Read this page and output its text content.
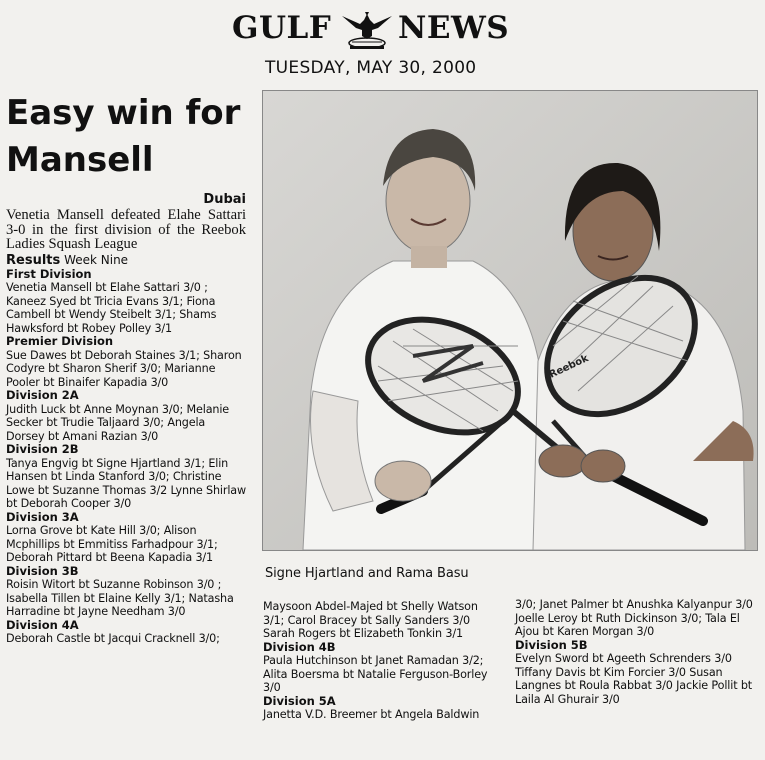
GULF NEWS
TUESDAY, MAY 30, 2000
Easy win for Mansell
Dubai
Venetia Mansell defeated Elahe Sattari 3-0 in the first division of the Reebok Ladies Squash League
Results Week Nine
First Division
Venetia Mansell bt Elahe Sattari 3/0 ; Kaneez Syed bt Tricia Evans 3/1; Fiona Cambell bt Wendy Steibelt 3/1; Shams Hawksford bt Robey Polley 3/1
Premier Division
Sue Dawes bt Deborah Staines 3/1; Sharon Codyre bt Sharon Sherif 3/0; Marianne Pooler bt Binaifer Kapadia 3/0
Division 2A
Judith Luck bt Anne Moynan 3/0; Melanie Secker bt Trudie Taljaard 3/0; Angela Dorsey bt Amani Razian 3/0
Division 2B
Tanya Engvig bt Signe Hjartland 3/1; Elin Hansen bt Linda Stanford 3/0; Christine Lowe bt Suzanne Thomas 3/2 Lynne Shirlaw bt Deborah Cooper 3/0
Division 3A
Lorna Grove bt Kate Hill 3/0; Alison Mcphillips bt Emmitiss Farhadpour 3/1; Deborah Pittard bt Beena Kapadia 3/1
Division 3B
Roisin Witort bt Suzanne Robinson 3/0 ; Isabella Tillen bt Elaine Kelly 3/1; Natasha Harradine bt Jayne Needham 3/0
Division 4A
Deborah Castle bt Jacqui Cracknell 3/0;
Reebok
Signe Hjartland and Rama Basu
Maysoon Abdel-Majed bt Shelly Watson 3/1; Carol Bracey bt Sally Sanders 3/0 Sarah Rogers bt Elizabeth Tonkin 3/1
Division 4B
Paula Hutchinson bt Janet Ramadan 3/2; Alita Boersma bt Natalie Ferguson-Borley 3/0
Division 5A
Janetta V.D. Breemer bt Angela Baldwin
3/0; Janet Palmer bt Anushka Kalyanpur 3/0 Joelle Leroy bt Ruth Dickinson 3/0; Tala El Ajou bt Karen Morgan 3/0
Division 5B
Evelyn Sword bt Ageeth Schrenders 3/0 Tiffany Davis bt Kim Forcier 3/0 Susan Langnes bt Roula Rabbat 3/0 Jackie Pollit bt Laila Al Ghurair 3/0
